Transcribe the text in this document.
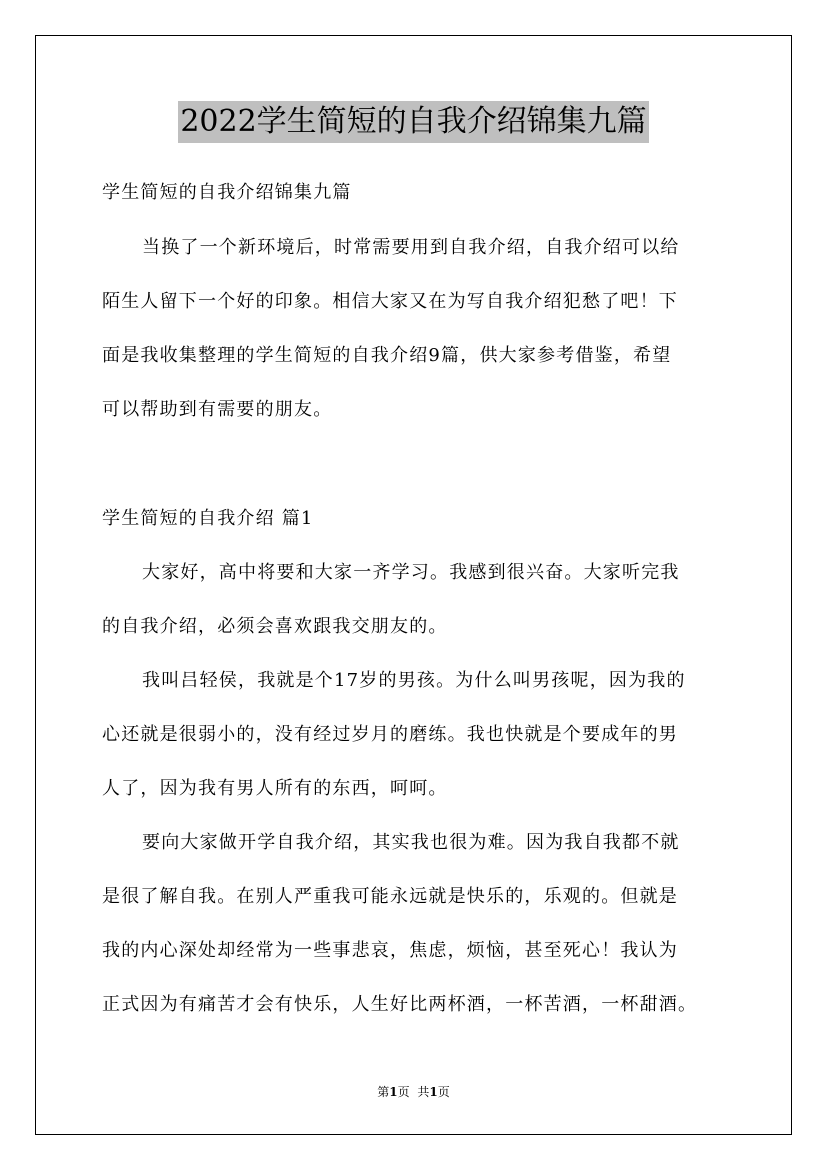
2022学生简短的自我介绍锦集九篇
学生简短的自我介绍锦集九篇
当换了一个新环境后，时常需要用到自我介绍，自我介绍可以给
陌生人留下一个好的印象。相信大家又在为写自我介绍犯愁了吧！下
面是我收集整理的学生简短的自我介绍9篇，供大家参考借鉴，希望
可以帮助到有需要的朋友。
学生简短的自我介绍 篇1
大家好，高中将要和大家一齐学习。我感到很兴奋。大家听完我
的自我介绍，必须会喜欢跟我交朋友的。
我叫吕轻侯，我就是个17岁的男孩。为什么叫男孩呢，因为我的
心还就是很弱小的，没有经过岁月的磨练。我也快就是个要成年的男
人了，因为我有男人所有的东西，呵呵。
要向大家做开学自我介绍，其实我也很为难。因为我自我都不就
是很了解自我。在别人严重我可能永远就是快乐的，乐观的。但就是
我的内心深处却经常为一些事悲哀，焦虑，烦恼，甚至死心！我认为
正式因为有痛苦才会有快乐，人生好比两杯酒，一杯苦酒，一杯甜酒。
第1页 共1页
